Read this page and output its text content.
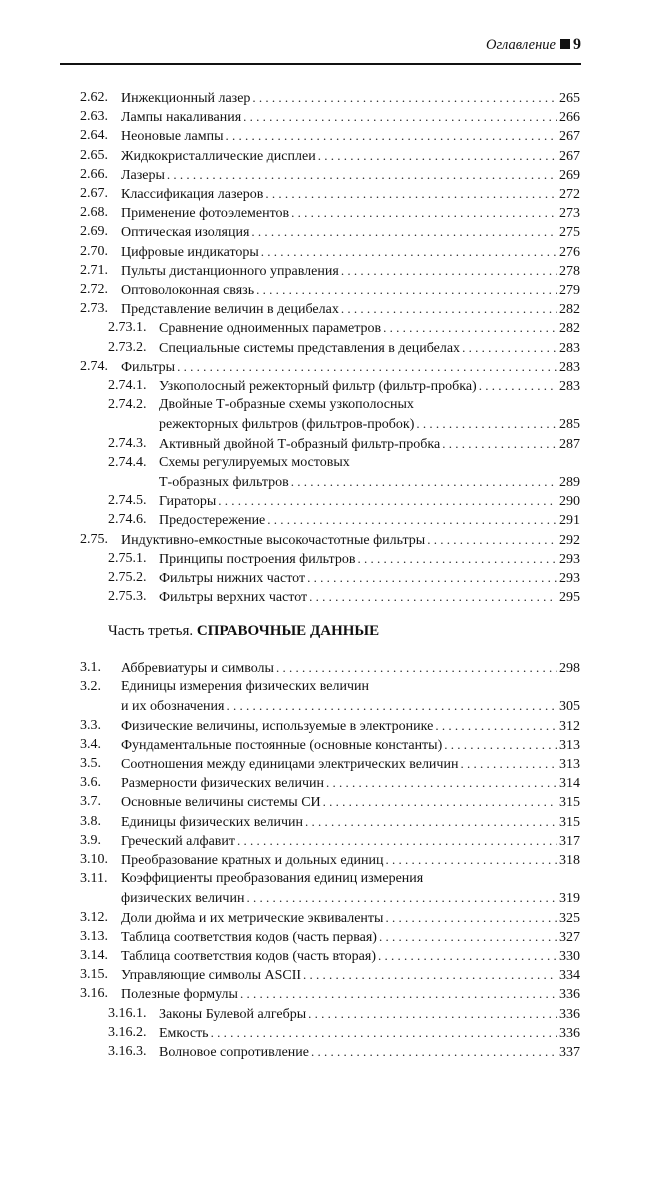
Оглавление 9
2.62. Инжекционный лазер . . .	265
2.63. Лампы накаливания . . .	266
2.64. Неоновые лампы . . .	267
2.65. Жидкокристаллические дисплеи . . .	267
2.66. Лазеры . . .	269
2.67. Классификация лазеров . . .	272
2.68. Применение фотоэлементов . . .	273
2.69. Оптическая изоляция . . .	275
2.70. Цифровые индикаторы . . .	276
2.71. Пульты дистанционного управления . . .	278
2.72. Оптоволоконная связь . . .	279
2.73. Представление величин в децибелах . . .	282
2.73.1. Сравнение одноименных параметров . . .	282
2.73.2. Специальные системы представления в децибелах . . .	283
2.74. Фильтры . . .	283
2.74.1. Узкополосный режекторный фильтр (фильтр-пробка) . . .	283
2.74.2. Двойные Т-образные схемы узкополосных
режекторных фильтров (фильтров-пробок) . . .	285
2.74.3. Активный двойной Т-образный фильтр-пробка . . .	287
2.74.4. Схемы регулируемых мостовых
Т-образных фильтров . . .	289
2.74.5. Гираторы . . .	290
2.74.6. Предостережение . . .	291
2.75. Индуктивно-емкостные высокочастотные фильтры . . .	292
2.75.1. Принципы построения фильтров . . .	293
2.75.2. Фильтры нижних частот . . .	293
2.75.3. Фильтры верхних частот . . .	295
Часть третья. СПРАВОЧНЫЕ ДАННЫЕ
3.1. Аббревиатуры и символы . . .	298
3.2. Единицы измерения физических величин
и их обозначения . . .	305
3.3. Физические величины, используемые в электронике . . .	312
3.4. Фундаментальные постоянные (основные константы) . . .	313
3.5. Соотношения между единицами электрических величин . . .	313
3.6. Размерности физических величин . . .	314
3.7. Основные величины системы СИ . . .	315
3.8. Единицы физических величин . . .	315
3.9. Греческий алфавит . . .	317
3.10. Преобразование кратных и дольных единиц . . .	318
3.11. Коэффициенты преобразования единиц измерения
физических величин . . .	319
3.12. Доли дюйма и их метрические эквиваленты . . .	325
3.13. Таблица соответствия кодов (часть первая) . . .	327
3.14. Таблица соответствия кодов (часть вторая) . . .	330
3.15. Управляющие символы ASCII . . .	334
3.16. Полезные формулы . . .	336
3.16.1. Законы Булевой алгебры . . .	336
3.16.2. Емкость . . .	336
3.16.3. Волновое сопротивление . . .	337
